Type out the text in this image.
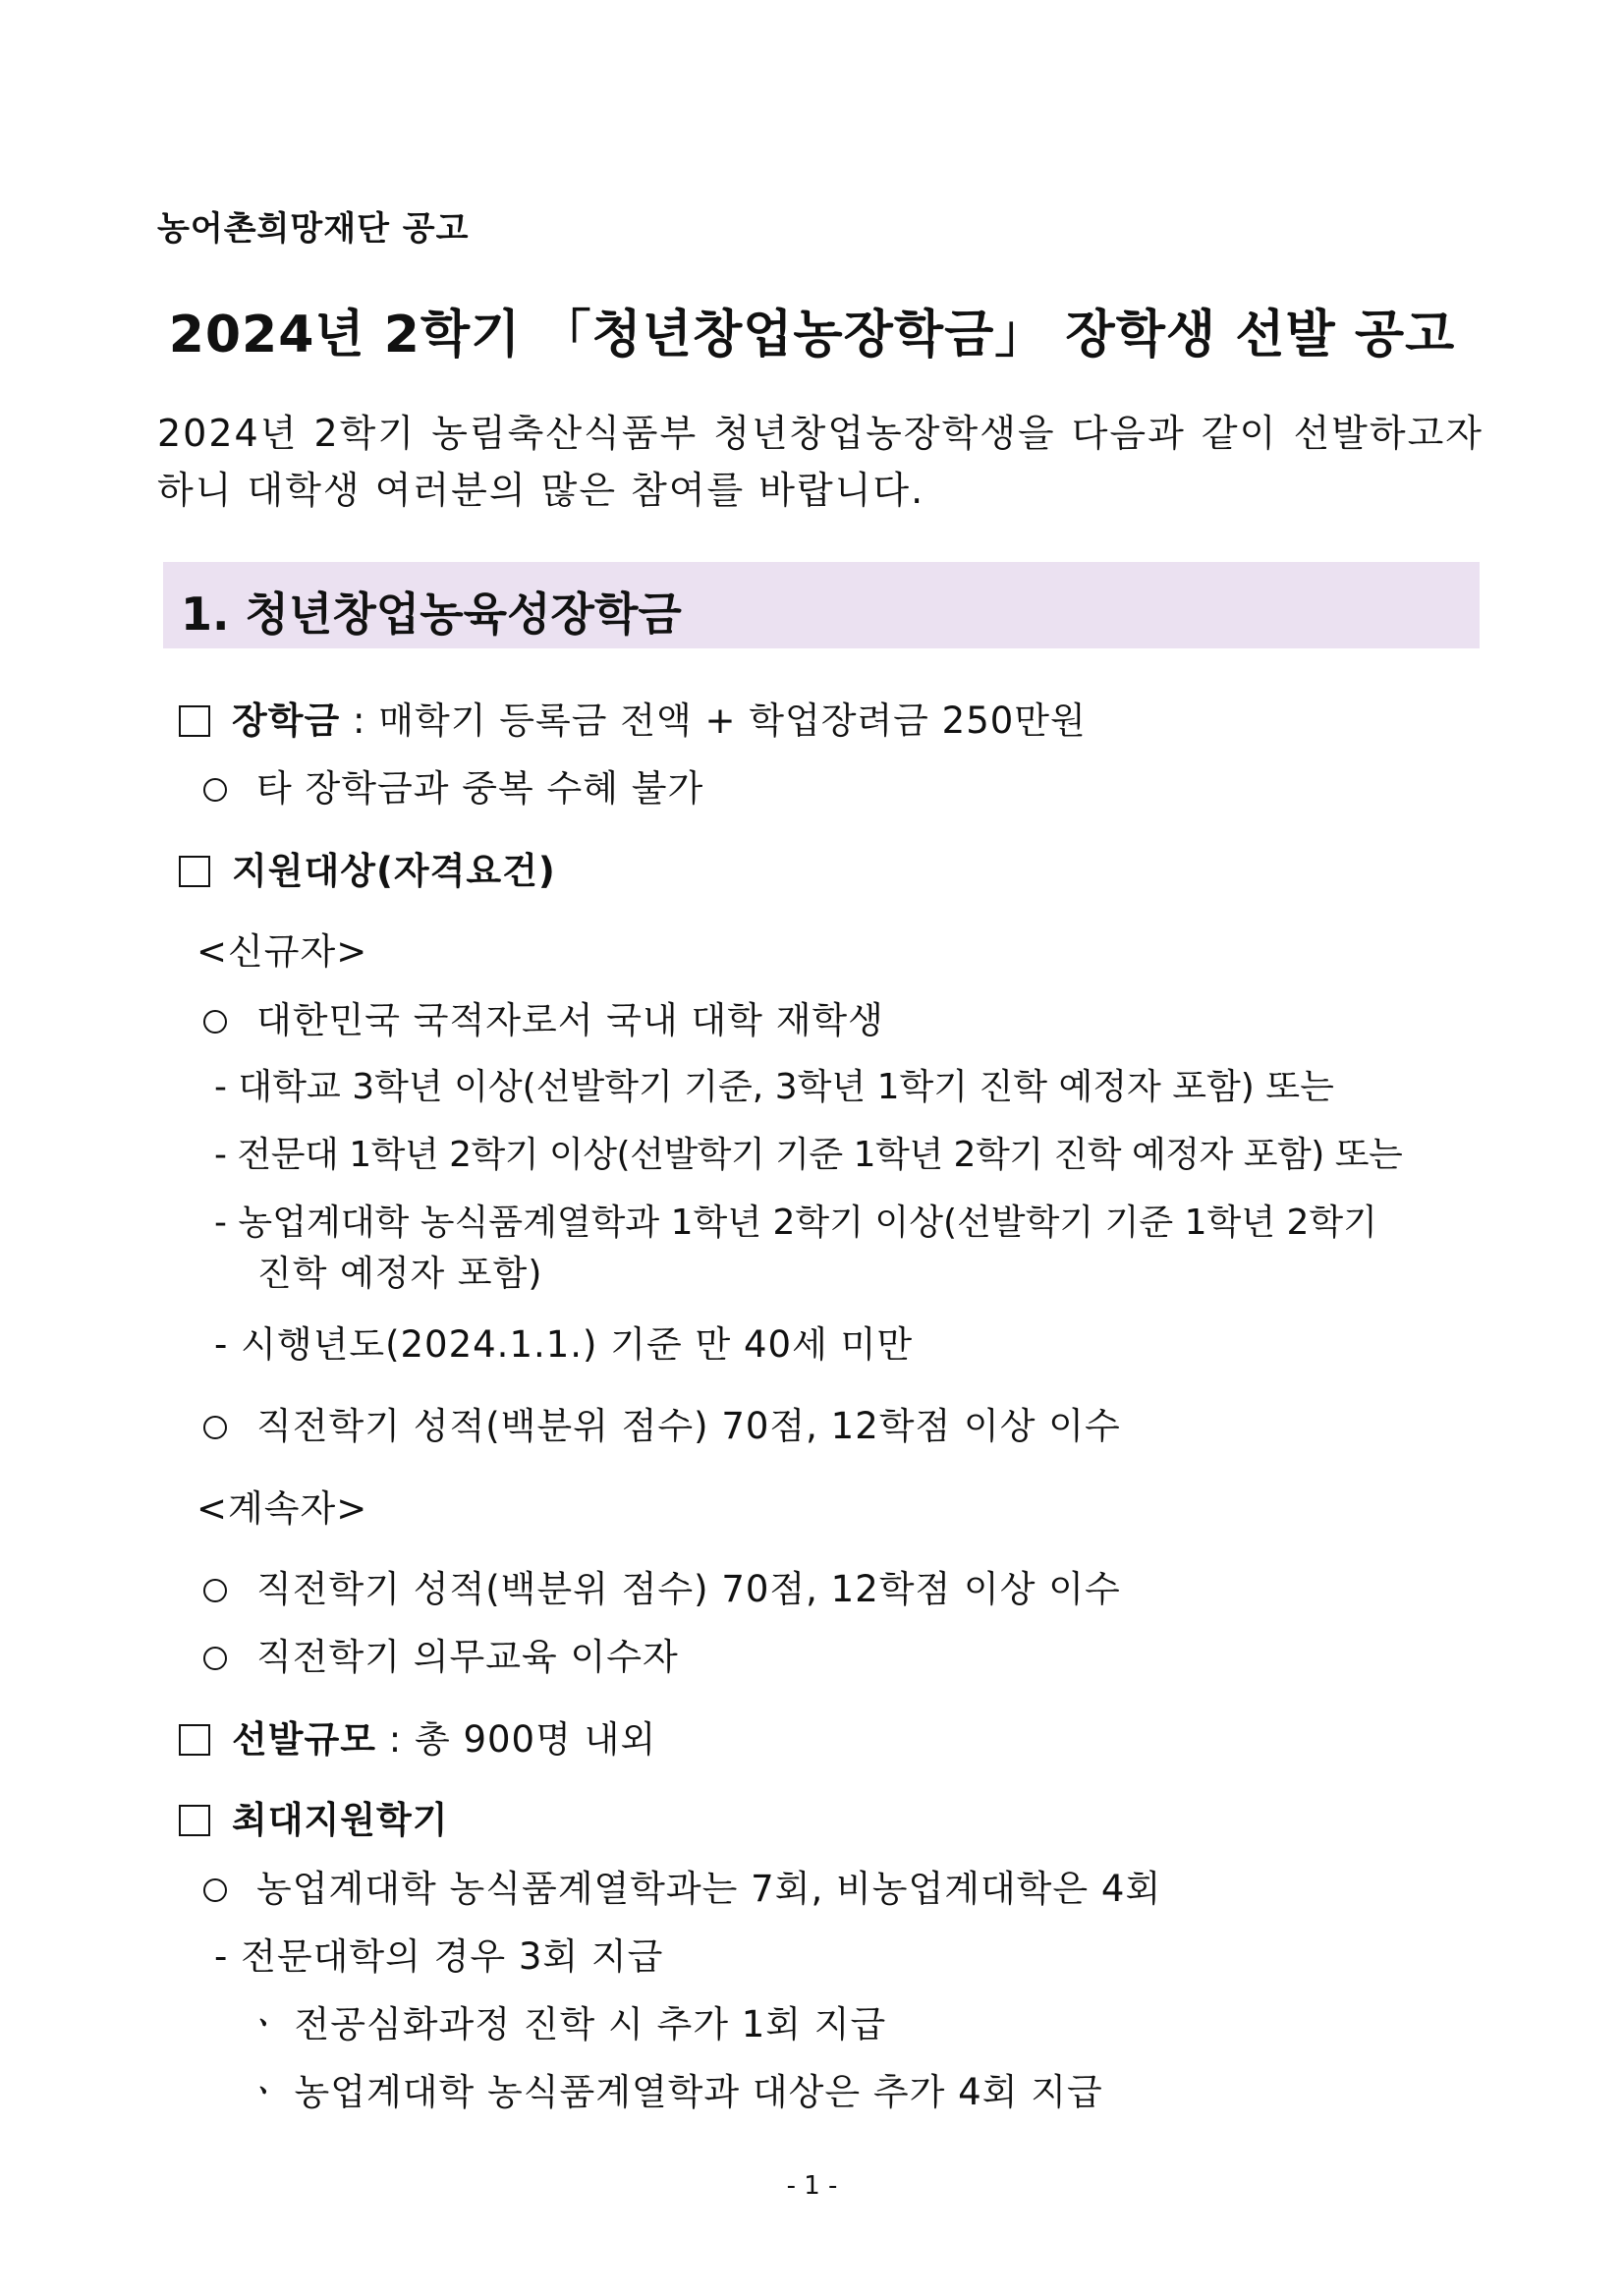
농어촌희망재단 공고
2024년 2학기 「청년창업농장학금」 장학생 선발 공고
2024년 2학기 농림축산식품부 청년창업농장학생을 다음과 같이 선발하고자 하니 대학생 여러분의 많은 참여를 바랍니다.
1. 청년창업농육성장학금
장학금 : 매학기 등록금 전액 + 학업장려금 250만원
타 장학금과 중복 수혜 불가
지원대상(자격요건)
<신규자>
대한민국 국적자로서 국내 대학 재학생
- 대학교 3학년 이상(선발학기 기준, 3학년 1학기 진학 예정자 포함) 또는
- 전문대 1학년 2학기 이상(선발학기 기준 1학년 2학기 진학 예정자 포함) 또는
- 농업계대학 농식품계열학과 1학년 2학기 이상(선발학기 기준 1학년 2학기
진학 예정자 포함)
- 시행년도(2024.1.1.) 기준 만 40세 미만
직전학기 성적(백분위 점수) 70점, 12학점 이상 이수
<계속자>
직전학기 성적(백분위 점수) 70점, 12학점 이상 이수
직전학기 의무교육 이수자
선발규모 : 총 900명 내외
최대지원학기
농업계대학 농식품계열학과는 7회, 비농업계대학은 4회
- 전문대학의 경우 3회 지급
ㆍ 전공심화과정 진학 시 추가 1회 지급
ㆍ 농업계대학 농식품계열학과 대상은 추가 4회 지급
- 1 -
